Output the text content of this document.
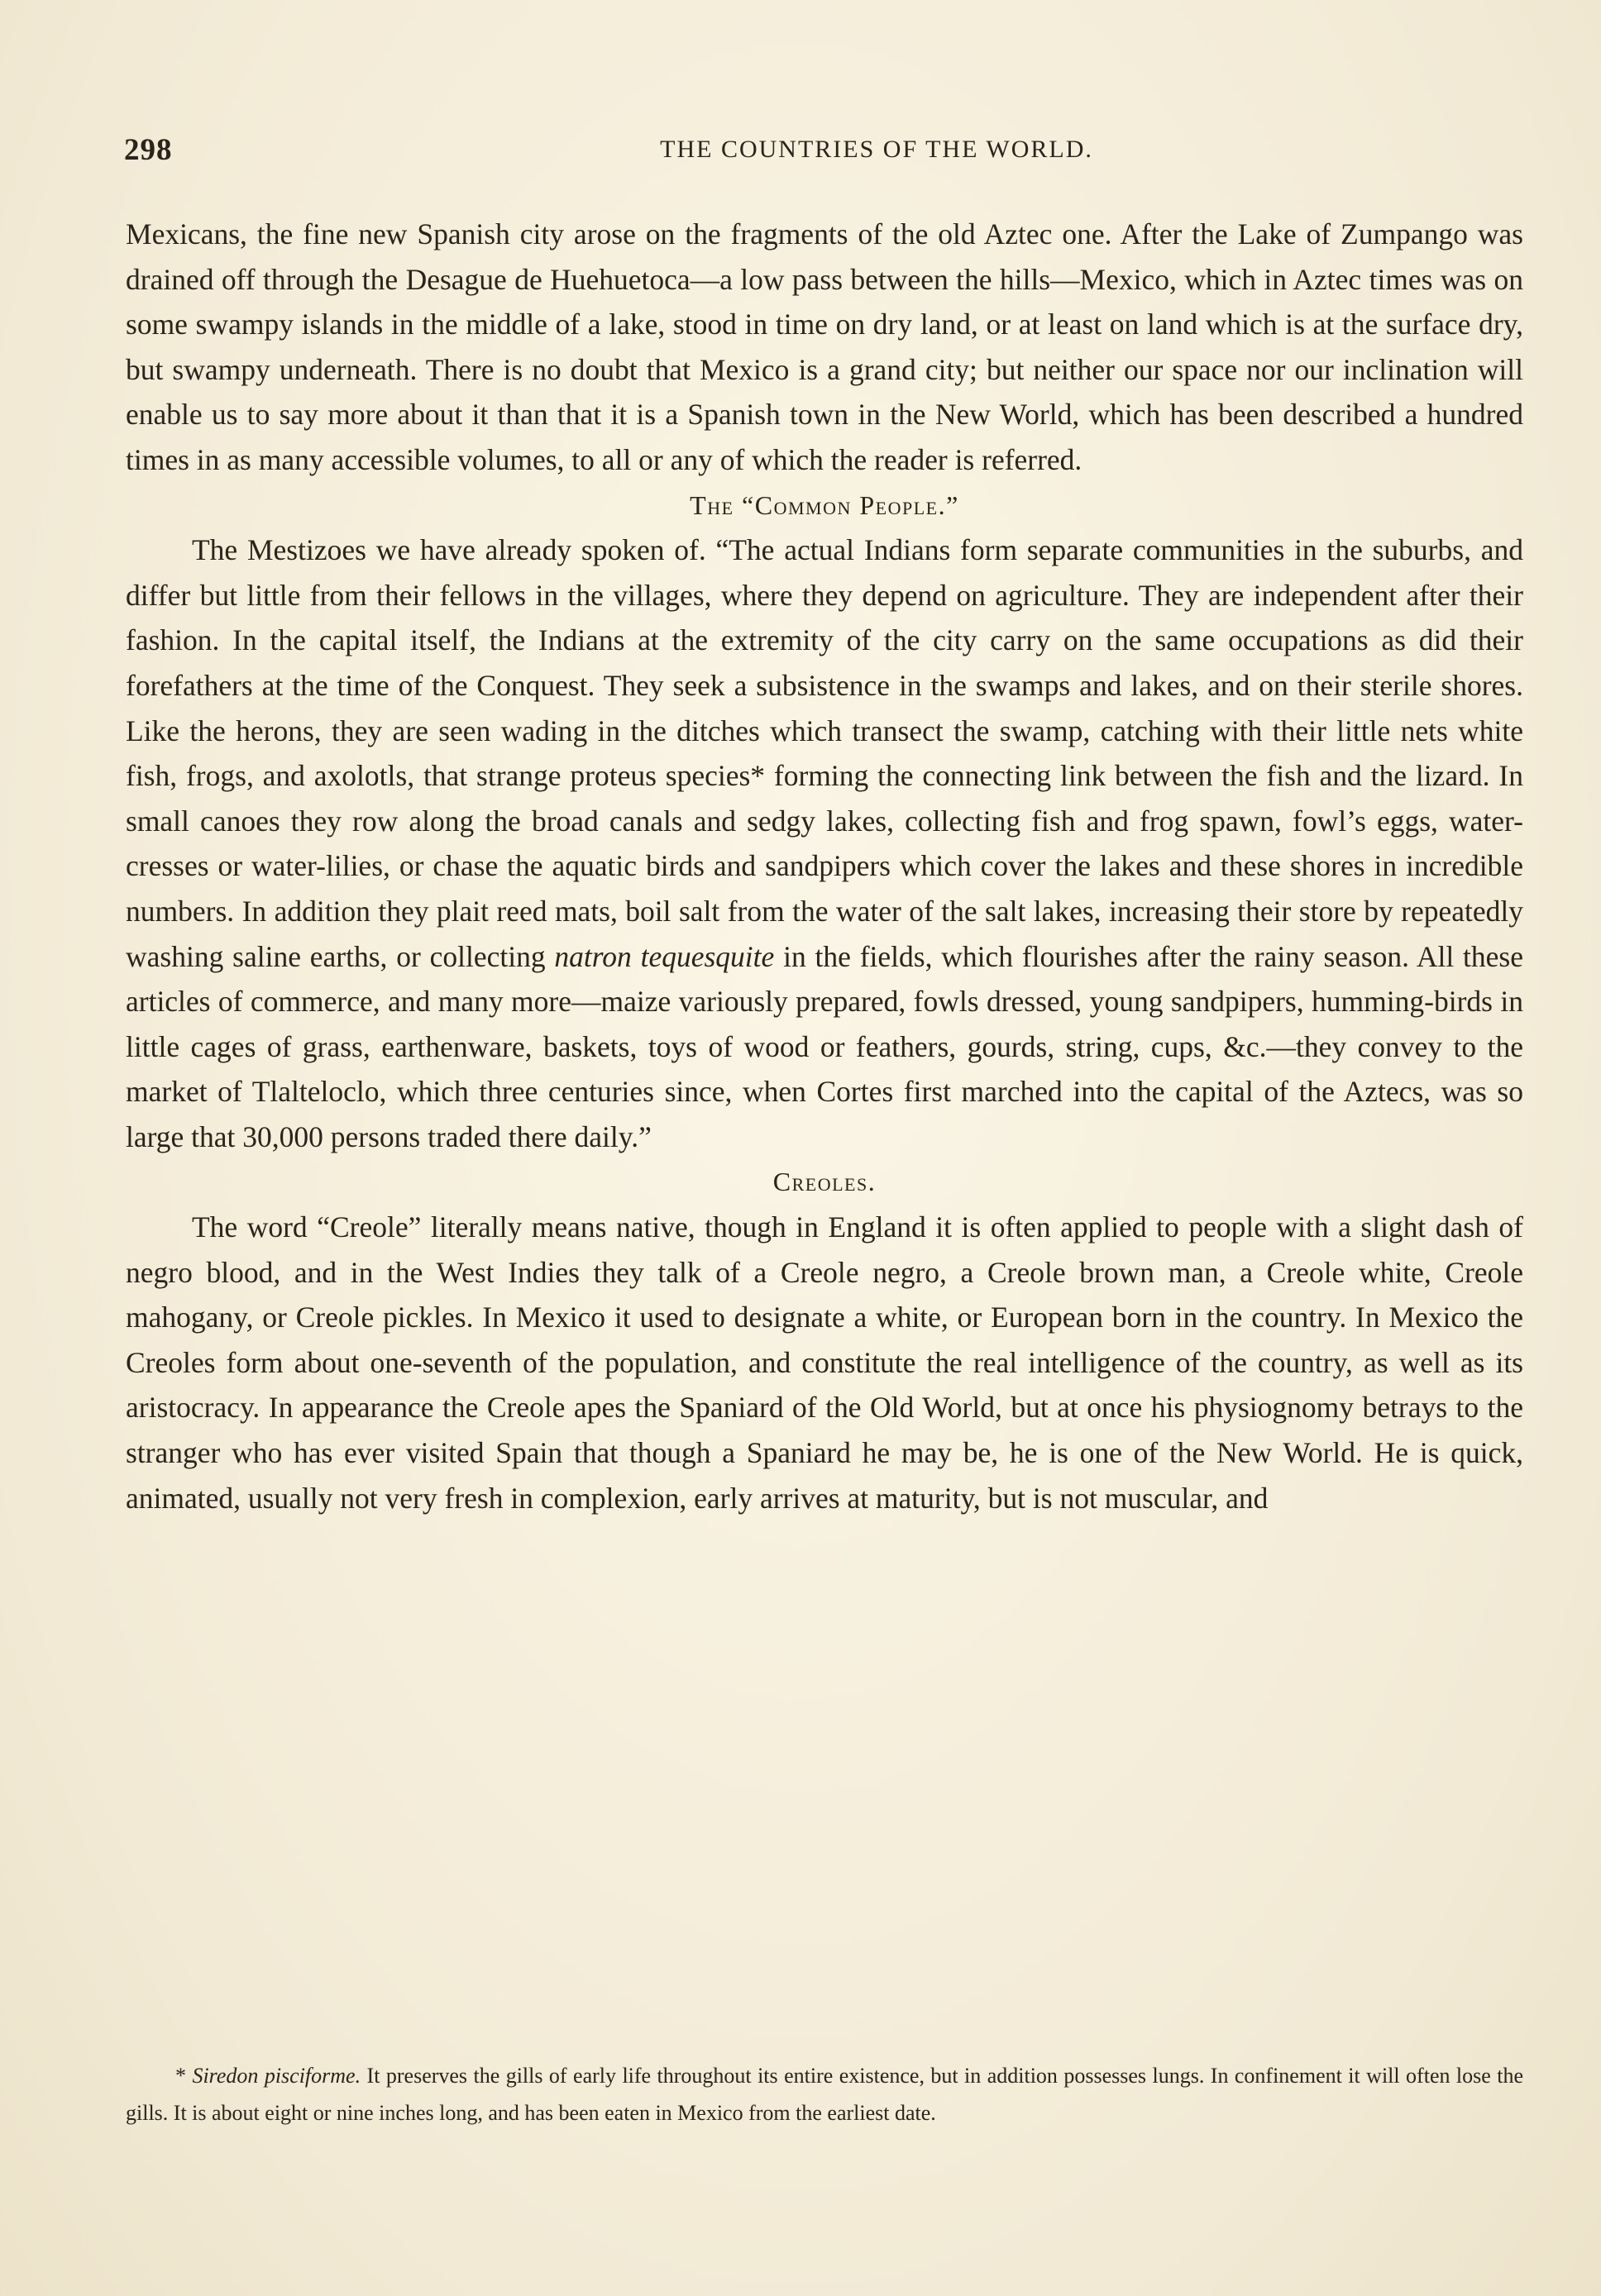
298	THE COUNTRIES OF THE WORLD.

Mexicans, the fine new Spanish city arose on the fragments of the old Aztec one. After the Lake of Zumpango was drained off through the Desague de Huehuetoca—a low pass between the hills—Mexico, which in Aztec times was on some swampy islands in the middle of a lake, stood in time on dry land, or at least on land which is at the surface dry, but swampy underneath. There is no doubt that Mexico is a grand city; but neither our space nor our inclination will enable us to say more about it than that it is a Spanish town in the New World, which has been described a hundred times in as many accessible volumes, to all or any of which the reader is referred.

The “Common People.”

The Mestizoes we have already spoken of. “The actual Indians form separate communities in the suburbs, and differ but little from their fellows in the villages, where they depend on agriculture. They are independent after their fashion. In the capital itself, the Indians at the extremity of the city carry on the same occupations as did their forefathers at the time of the Conquest. They seek a subsistence in the swamps and lakes, and on their sterile shores. Like the herons, they are seen wading in the ditches which transect the swamp, catching with their little nets white fish, frogs, and axolotls, that strange proteus species* forming the connecting link between the fish and the lizard. In small canoes they row along the broad canals and sedgy lakes, collecting fish and frog spawn, fowl’s eggs, water-cresses or water-lilies, or chase the aquatic birds and sandpipers which cover the lakes and these shores in incredible numbers. In addition they plait reed mats, boil salt from the water of the salt lakes, increasing their store by repeatedly washing saline earths, or collecting natron tequesquite in the fields, which flourishes after the rainy season. All these articles of commerce, and many more—maize variously prepared, fowls dressed, young sandpipers, humming-birds in little cages of grass, earthenware, baskets, toys of wood or feathers, gourds, string, cups, &c.—they convey to the market of Tlalteloclo, which three centuries since, when Cortes first marched into the capital of the Aztecs, was so large that 30,000 persons traded there daily.”

Creoles.

The word “Creole” literally means native, though in England it is often applied to people with a slight dash of negro blood, and in the West Indies they talk of a Creole negro, a Creole brown man, a Creole white, Creole mahogany, or Creole pickles. In Mexico it used to designate a white, or European born in the country. In Mexico the Creoles form about one-seventh of the population, and constitute the real intelligence of the country, as well as its aristocracy. In appearance the Creole apes the Spaniard of the Old World, but at once his physiognomy betrays to the stranger who has ever visited Spain that though a Spaniard he may be, he is one of the New World. He is quick, animated, usually not very fresh in complexion, early arrives at maturity, but is not muscular, and

* Siredon pisciforme. It preserves the gills of early life throughout its entire existence, but in addition possesses lungs. In confinement it will often lose the gills. It is about eight or nine inches long, and has been eaten in Mexico from the earliest date.
